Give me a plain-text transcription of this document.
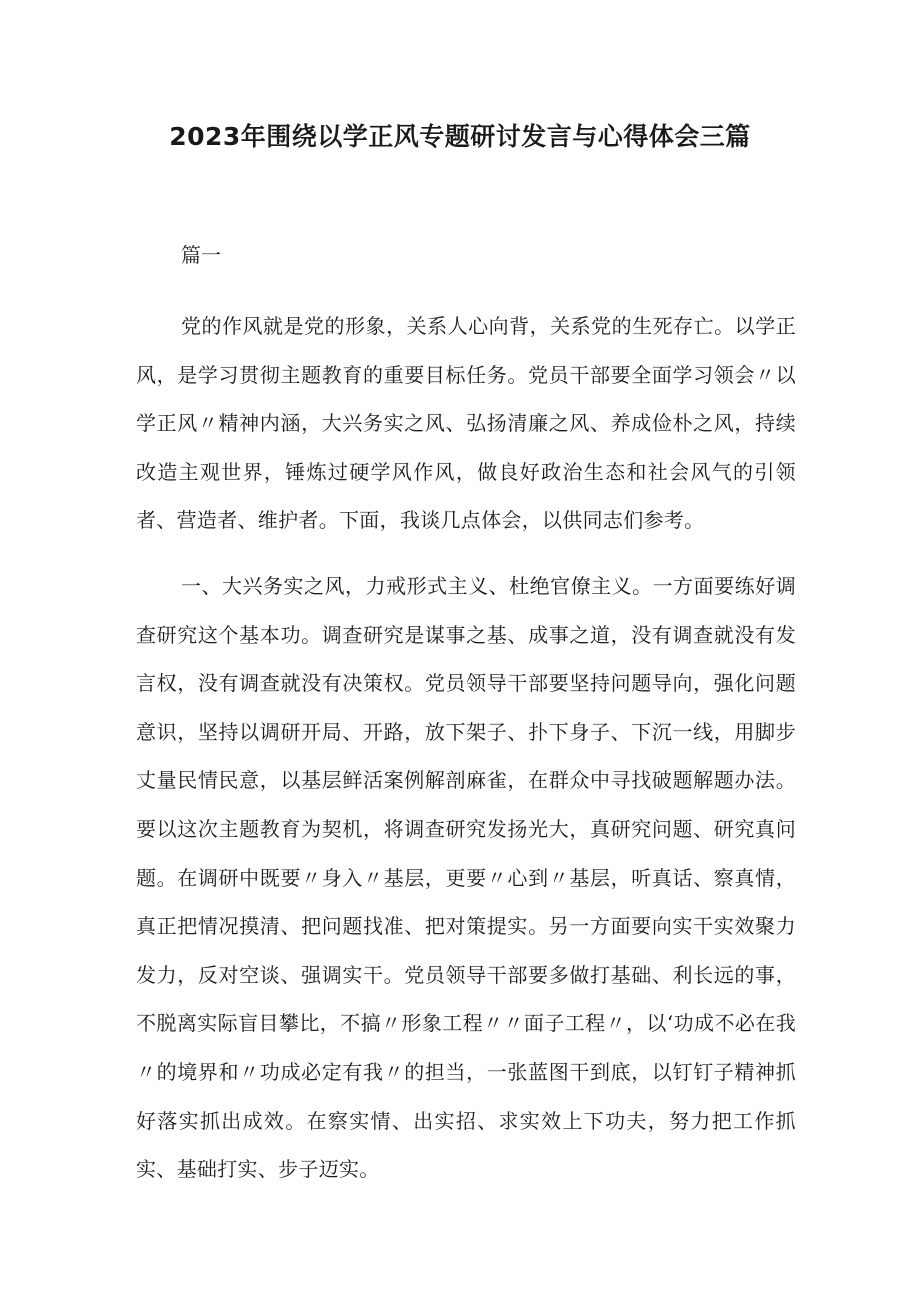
2023年围绕以学正风专题研讨发言与心得体会三篇

篇一

党的作风就是党的形象，关系人心向背，关系党的生死存亡。以学正风，是学习贯彻主题教育的重要目标任务。党员干部要全面学习领会〃以学正风〃精神内涵，大兴务实之风、弘扬清廉之风、养成俭朴之风，持续改造主观世界，锤炼过硬学风作风，做良好政治生态和社会风气的引领者、营造者、维护者。下面，我谈几点体会，以供同志们参考。

一、大兴务实之风，力戒形式主义、杜绝官僚主义。一方面要练好调查研究这个基本功。调查研究是谋事之基、成事之道，没有调查就没有发言权，没有调查就没有决策权。党员领导干部要坚持问题导向，强化问题意识，坚持以调研开局、开路，放下架子、扑下身子、下沉一线，用脚步丈量民情民意，以基层鲜活案例解剖麻雀，在群众中寻找破题解题办法。要以这次主题教育为契机，将调查研究发扬光大，真研究问题、研究真问题。在调研中既要〃身入〃基层，更要〃心到〃基层，听真话、察真情，真正把情况摸清、把问题找准、把对策提实。另一方面要向实干实效聚力发力，反对空谈、强调实干。党员领导干部要多做打基础、利长远的事，不脱离实际盲目攀比，不搞〃形象工程〃〃面子工程〃，以‘功成不必在我〃的境界和〃功成必定有我〃的担当，一张蓝图干到底，以钉钉子精神抓好落实抓出成效。在察实情、出实招、求实效上下功夫，努力把工作抓实、基础打实、步子迈实。
